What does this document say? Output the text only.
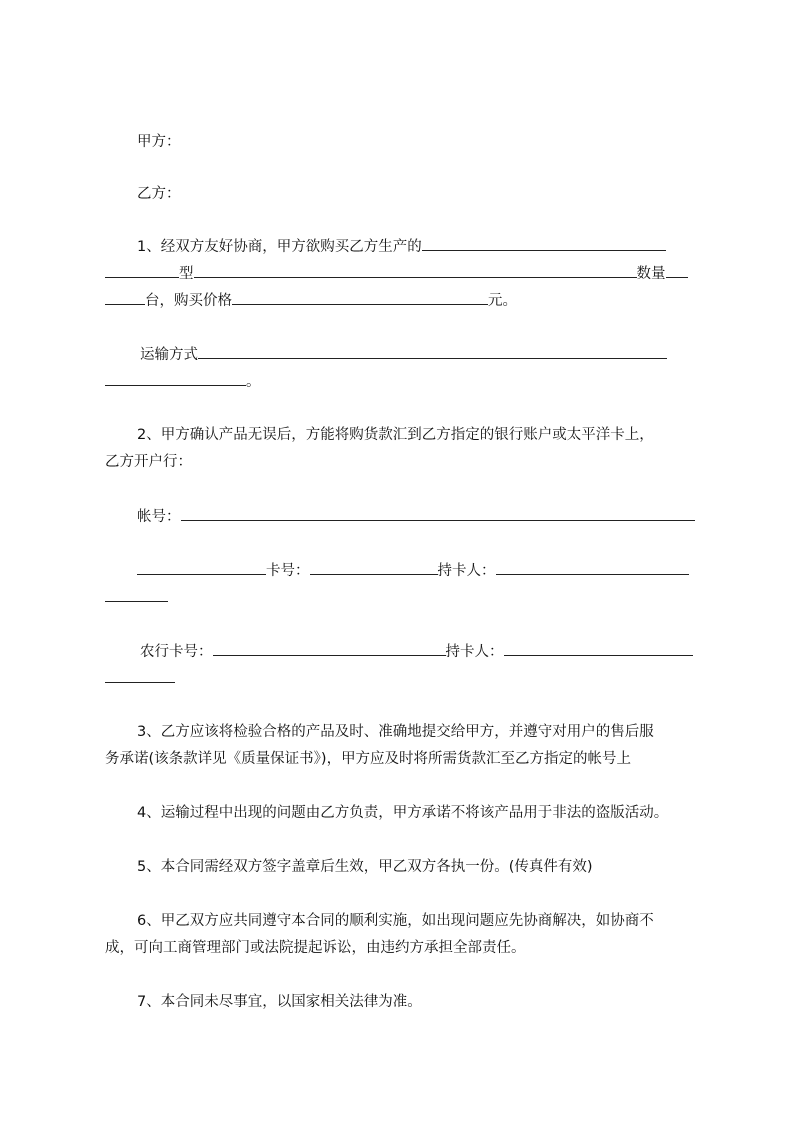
甲方：
乙方：
1、经双方友好协商，甲方欲购买乙方生产的
型	数量
台，购买价格	元。
运输方式
。
2、甲方确认产品无误后，方能将购货款汇到乙方指定的银行账户或太平洋卡上，
乙方开户行：
帐号：
卡号：	持卡人：
农行卡号：	持卡人：
3、乙方应该将检验合格的产品及时、准确地提交给甲方，并遵守对用户的售后服
务承诺(该条款详见《质量保证书》)，甲方应及时将所需货款汇至乙方指定的帐号上
4、运输过程中出现的问题由乙方负责，甲方承诺不将该产品用于非法的盗版活动。
5、本合同需经双方签字盖章后生效，甲乙双方各执一份。(传真件有效)
6、甲乙双方应共同遵守本合同的顺利实施，如出现问题应先协商解决，如协商不
成，可向工商管理部门或法院提起诉讼，由违约方承担全部责任。
7、本合同未尽事宜，以国家相关法律为准。
